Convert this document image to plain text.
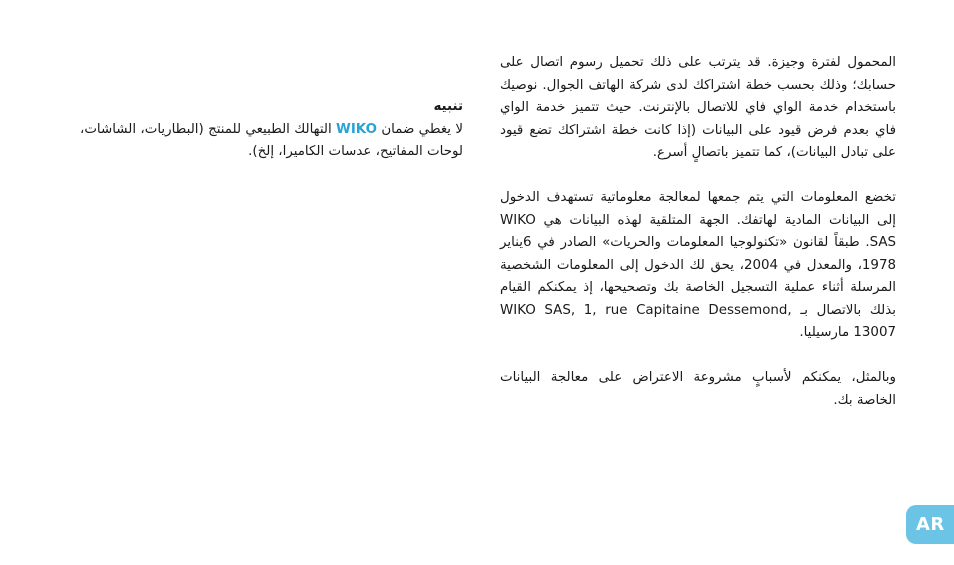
المحمول لفترة وجيزة. قد يترتب على ذلك تحميل رسوم اتصال على حسابك؛ وذلك بحسب خطة اشتراكك لدى شركة الهاتف الجوال. نوصيك باستخدام خدمة الواي فاي للاتصال بالإنترنت. حيث تتميز خدمة الواي فاي بعدم فرض قيود على البيانات (إذا كانت خطة اشتراكك تضع قيود على تبادل البيانات)، كما تتميز باتصالٍ أسرع.

تخضع المعلومات التي يتم جمعها لمعالجة معلوماتية تستهدف الدخول إلى البيانات المادية لهاتفك. الجهة المتلقية لهذه البيانات هي WIKO SAS. طبقاً لقانون «تكنولوجيا المعلومات والحريات» الصادر في 6يناير 1978، والمعدل في 2004، يحق لك الدخول إلى المعلومات الشخصية المرسلة أثناء عملية التسجيل الخاصة بك وتصحيحها، إذ يمكنكم القيام بذلك بالاتصال بـ WIKO SAS, 1, rue Capitaine Dessemond, 13007 مارسيليا.

وبالمثل، يمكنكم لأسبابٍ مشروعة الاعتراض على معالجة البيانات الخاصة بك.

تنبيه

لا يغطي ضمان WIKO التهالك الطبيعي للمنتج (البطاريات، الشاشات، لوحات المفاتيح، عدسات الكاميرا، إلخ).

AR
